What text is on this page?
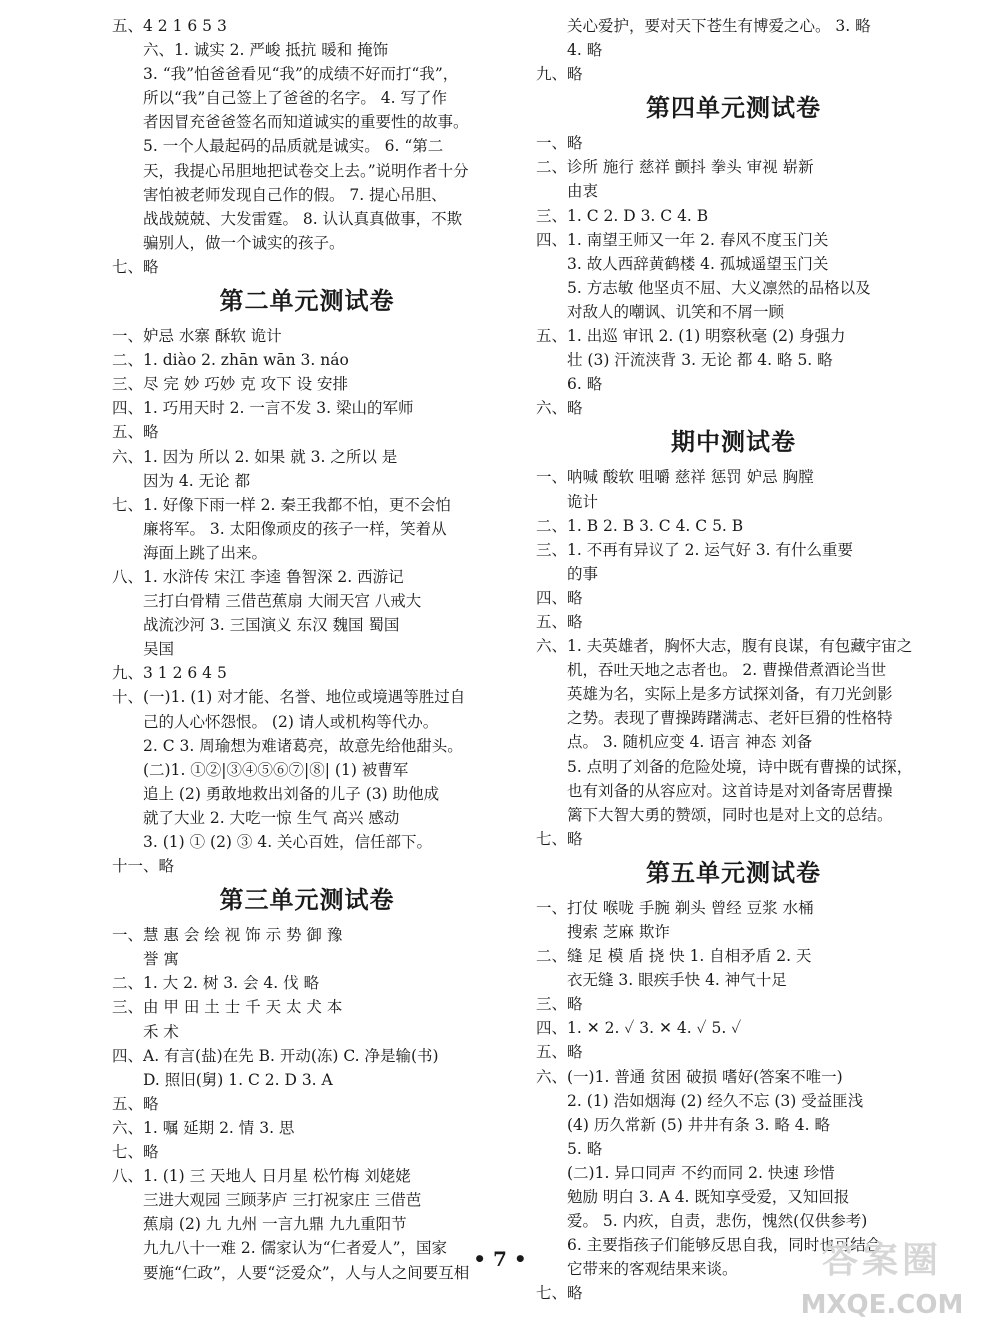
五、4 2 1 6 5 3
六、1. 诚实 2. 严峻 抵抗 暖和 掩饰
3. “我”怕爸爸看见“我”的成绩不好而打“我”，
所以“我”自己签上了爸爸的名字。 4. 写了作
者因冒充爸爸签名而知道诚实的重要性的故事。
5. 一个人最起码的品质就是诚实。 6. “第二
天，我提心吊胆地把试卷交上去。”说明作者十分
害怕被老师发现自己作的假。 7. 提心吊胆、
战战兢兢、大发雷霆。 8. 认认真真做事，不欺
骗别人，做一个诚实的孩子。
七、略
第二单元测试卷
一、妒忌 水寨 酥软 诡计
二、1. diào 2. zhān wān 3. náo
三、尽 完 妙 巧妙 克 攻下 设 安排
四、1. 巧用天时 2. 一言不发 3. 梁山的军师
五、略
六、1. 因为 所以 2. 如果 就 3. 之所以 是
因为 4. 无论 都
七、1. 好像下雨一样 2. 秦王我都不怕，更不会怕
廉将军。 3. 太阳像顽皮的孩子一样，笑着从
海面上跳了出来。
八、1. 水浒传 宋江 李逵 鲁智深 2. 西游记
三打白骨精 三借芭蕉扇 大闹天宫 八戒大
战流沙河 3. 三国演义 东汉 魏国 蜀国
吴国
九、3 1 2 6 4 5
十、(一)1. (1) 对才能、名誉、地位或境遇等胜过自
己的人心怀怨恨。 (2) 请人或机构等代办。
2. C 3. 周瑜想为难诸葛亮，故意先给他甜头。
(二)1. ①②|③④⑤⑥⑦|⑧| (1) 被曹军
追上 (2) 勇敢地救出刘备的儿子 (3) 助他成
就了大业 2. 大吃一惊 生气 高兴 感动
3. (1) ① (2) ③ 4. 关心百姓，信任部下。
十一、略
第三单元测试卷
一、慧 惠 会 绘 视 饰 示 势 御 豫
誉 寓
二、1. 大 2. 树 3. 会 4. 伐 略
三、由 甲 田 土 士 千 天 太 犬 本
禾 术
四、A. 有言(盐)在先 B. 开动(冻) C. 净是输(书)
D. 照旧(舅) 1. C 2. D 3. A
五、略
六、1. 嘱 延期 2. 情 3. 思
七、略
八、1. (1) 三 天地人 日月星 松竹梅 刘姥姥
三进大观园 三顾茅庐 三打祝家庄 三借芭
蕉扇 (2) 九 九州 一言九鼎 九九重阳节
九九八十一难 2. 儒家认为“仁者爱人”，国家
要施“仁政”，人要“泛爱众”，人与人之间要互相
关心爱护，要对天下苍生有博爱之心。 3. 略
4. 略
九、略
第四单元测试卷
一、略
二、诊所 施行 慈祥 颤抖 拳头 审视 崭新
由衷
三、1. C 2. D 3. C 4. B
四、1. 南望王师又一年 2. 春风不度玉门关
3. 故人西辞黄鹤楼 4. 孤城遥望玉门关
5. 方志敏 他坚贞不屈、大义凛然的品格以及
对敌人的嘲讽、讥笑和不屑一顾
五、1. 出巡 审讯 2. (1) 明察秋毫 (2) 身强力
壮 (3) 汗流浃背 3. 无论 都 4. 略 5. 略
6. 略
六、略
期中测试卷
一、呐喊 酸软 咀嚼 慈祥 惩罚 妒忌 胸膛
诡计
二、1. B 2. B 3. C 4. C 5. B
三、1. 不再有异议了 2. 运气好 3. 有什么重要
的事
四、略
五、略
六、1. 夫英雄者，胸怀大志，腹有良谋，有包藏宇宙之
机，吞吐天地之志者也。 2. 曹操借煮酒论当世
英雄为名，实际上是多方试探刘备，有刀光剑影
之势。表现了曹操踌躇满志、老奸巨猾的性格特
点。 3. 随机应变 4. 语言 神态 刘备
5. 点明了刘备的危险处境，诗中既有曹操的试探，
也有刘备的从容应对。这首诗是对刘备寄居曹操
篱下大智大勇的赞颂，同时也是对上文的总结。
七、略
第五单元测试卷
一、打仗 喉咙 手腕 剃头 曾经 豆浆 水桶
搜索 芝麻 欺诈
二、缝 足 模 盾 挠 快 1. 自相矛盾 2. 天
衣无缝 3. 眼疾手快 4. 神气十足
三、略
四、1. ✕ 2. ✓ 3. ✕ 4. ✓ 5. ✓
五、略
六、(一)1. 普通 贫困 破损 嗜好(答案不唯一)
2. (1) 浩如烟海 (2) 经久不忘 (3) 受益匪浅
(4) 历久常新 (5) 井井有条 3. 略 4. 略
5. 略
(二)1. 异口同声 不约而同 2. 快速 珍惜
勉励 明白 3. A 4. 既知享受爱，又知回报
爱。 5. 内疚，自责，悲伤，愧然(仅供参考)
6. 主要指孩子们能够反思自我，同时也可结合
它带来的客观结果来谈。
七、略
• 7 •	答案圈
MXQE.COM
